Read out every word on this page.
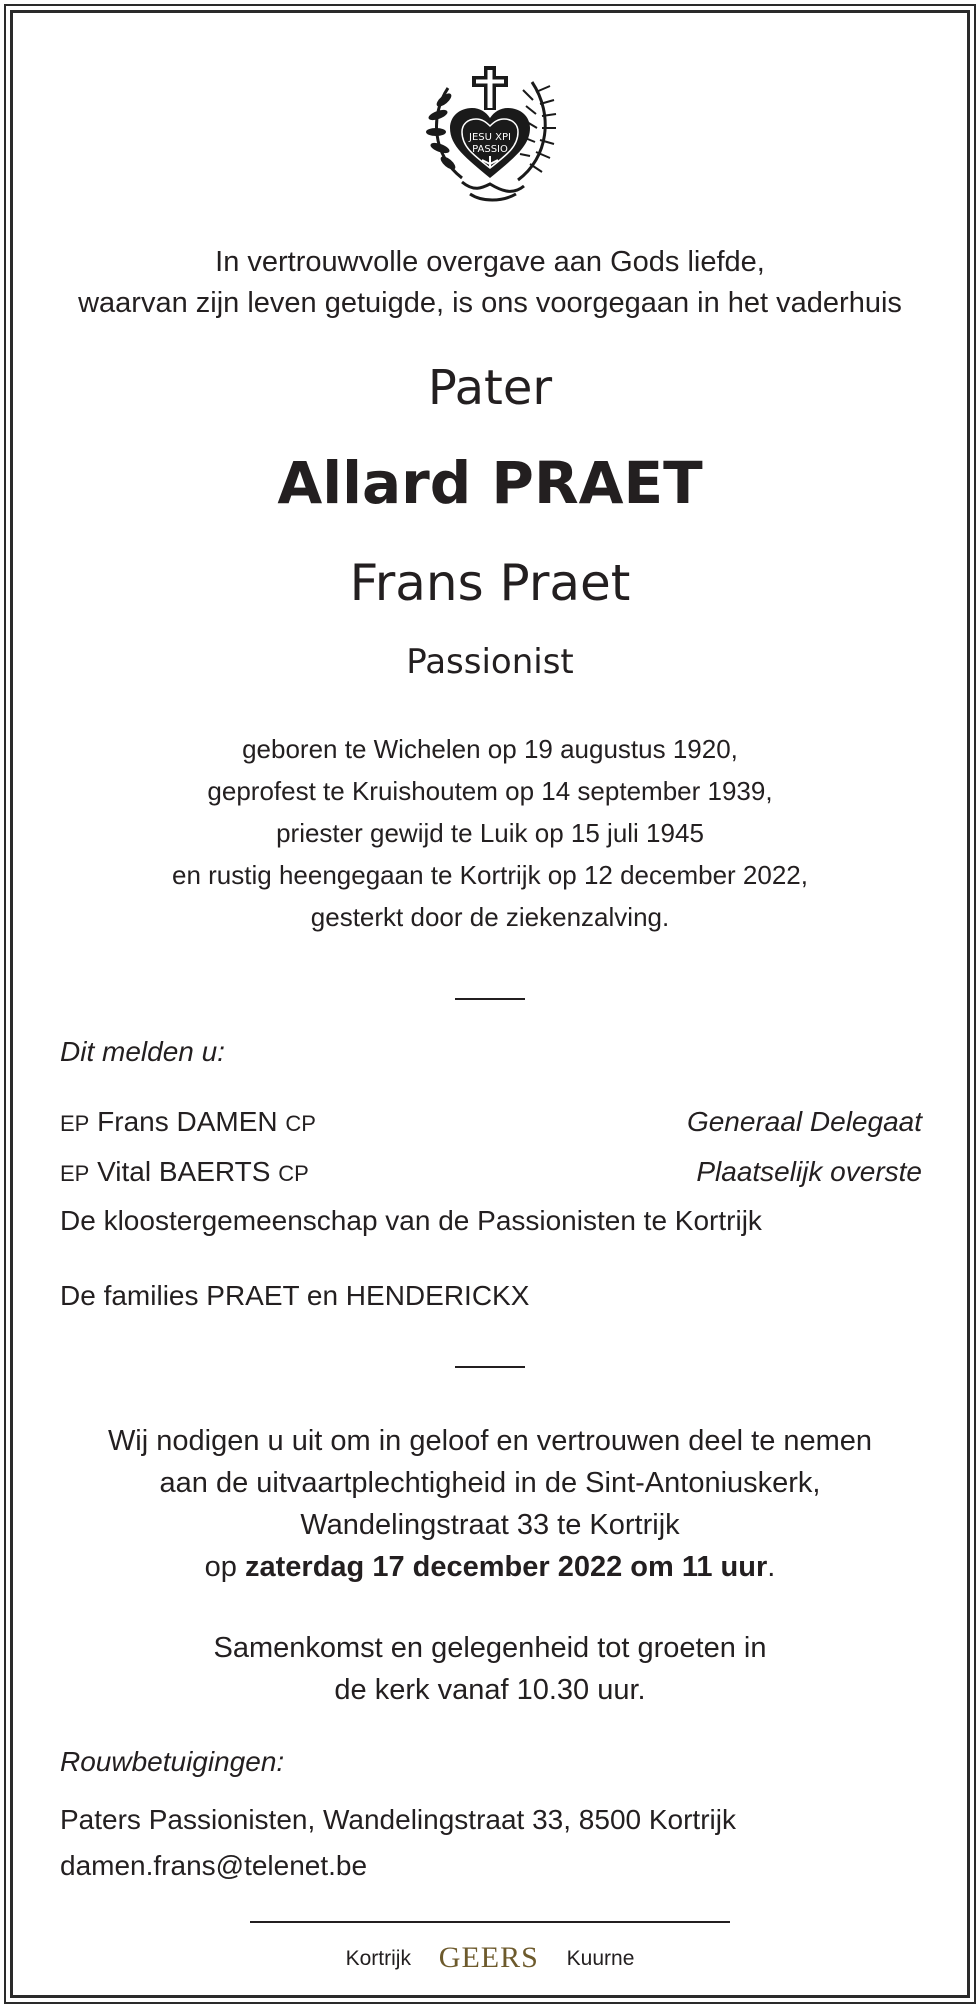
JESU XPI
PASSIO
In vertrouwvolle overgave aan Gods liefde,
waarvan zijn leven getuigde, is ons voorgegaan in het vaderhuis
Pater
Allard PRAET
Frans Praet
Passionist
geboren te Wichelen op 19 augustus 1920,
geprofest te Kruishoutem op 14 september 1939,
priester gewijd te Luik op 15 juli 1945
en rustig heengegaan te Kortrijk op 12 december 2022,
gesterkt door de ziekenzalving.
Dit melden u:
EP Frans DAMEN CP	Generaal Delegaat
EP Vital BAERTS CP	Plaatselijk overste
De kloostergemeenschap van de Passionisten te Kortrijk
De families PRAET en HENDERICKX
Wij nodigen u uit om in geloof en vertrouwen deel te nemen
aan de uitvaartplechtigheid in de Sint-Antoniuskerk,
Wandelingstraat 33 te Kortrijk
op zaterdag 17 december 2022 om 11 uur.
Samenkomst en gelegenheid tot groeten in
de kerk vanaf 10.30 uur.
Rouwbetuigingen:
Paters Passionisten, Wandelingstraat 33, 8500 Kortrijk
damen.frans@telenet.be
Kortrijk GEERS Kuurne
